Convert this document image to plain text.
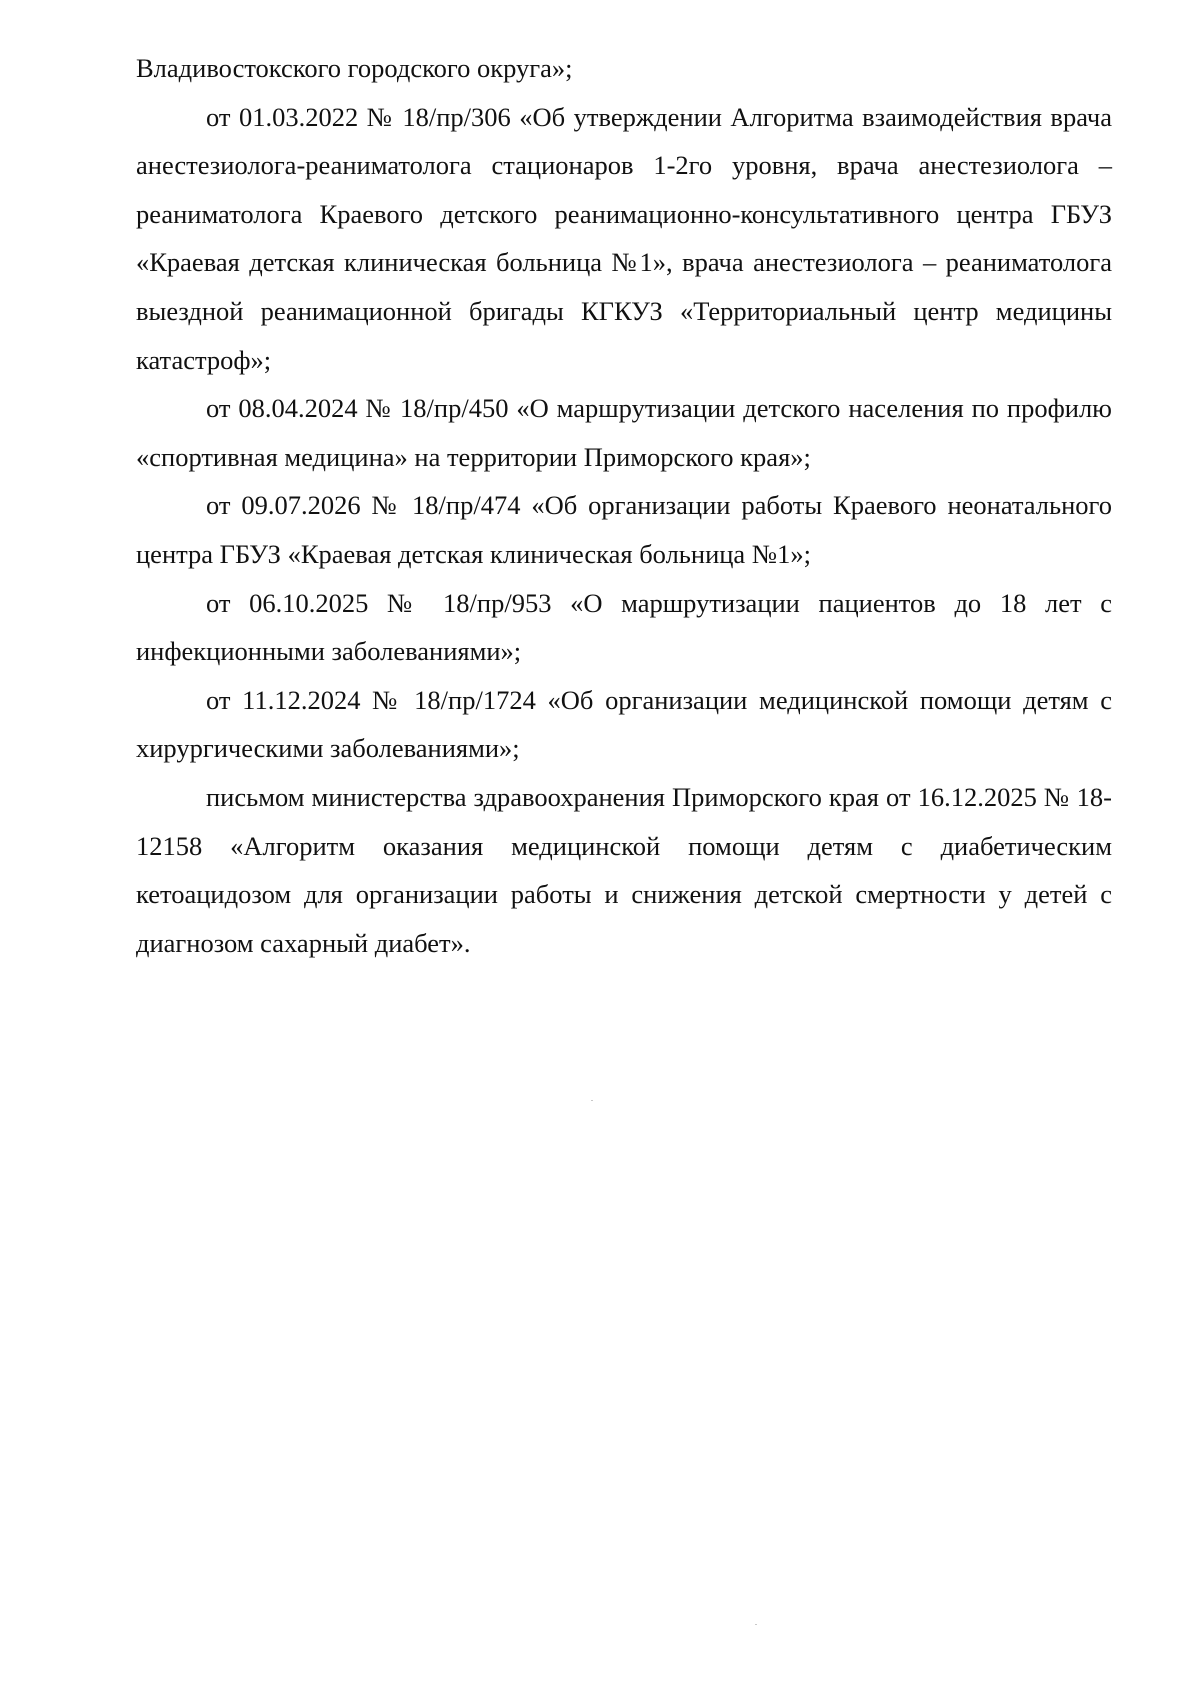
Владивостокского городского округа»;

от 01.03.2022 № 18/пр/306 «Об утверждении Алгоритма взаимодействия врача анестезиолога-реаниматолога стационаров 1-2го уровня, врача анестезиолога – реаниматолога Краевого детского реанимационно-консультативного центра ГБУЗ «Краевая детская клиническая больница №1», врача анестезиолога – реаниматолога выездной реанимационной бригады КГКУЗ «Территориальный центр медицины катастроф»;

от 08.04.2024 № 18/пр/450 «О маршрутизации детского населения по профилю «спортивная медицина» на территории Приморского края»;

от 09.07.2026 № 18/пр/474 «Об организации работы Краевого неонатального центра ГБУЗ «Краевая детская клиническая больница №1»;

от 06.10.2025 № 18/пр/953 «О маршрутизации пациентов до 18 лет с инфекционными заболеваниями»;

от 11.12.2024 № 18/пр/1724 «Об организации медицинской помощи детям с хирургическими заболеваниями»;

письмом министерства здравоохранения Приморского края от 16.12.2025 № 18-12158 «Алгоритм оказания медицинской помощи детям с диабетическим кетоацидозом для организации работы и снижения детской смертности у детей с диагнозом сахарный диабет».
